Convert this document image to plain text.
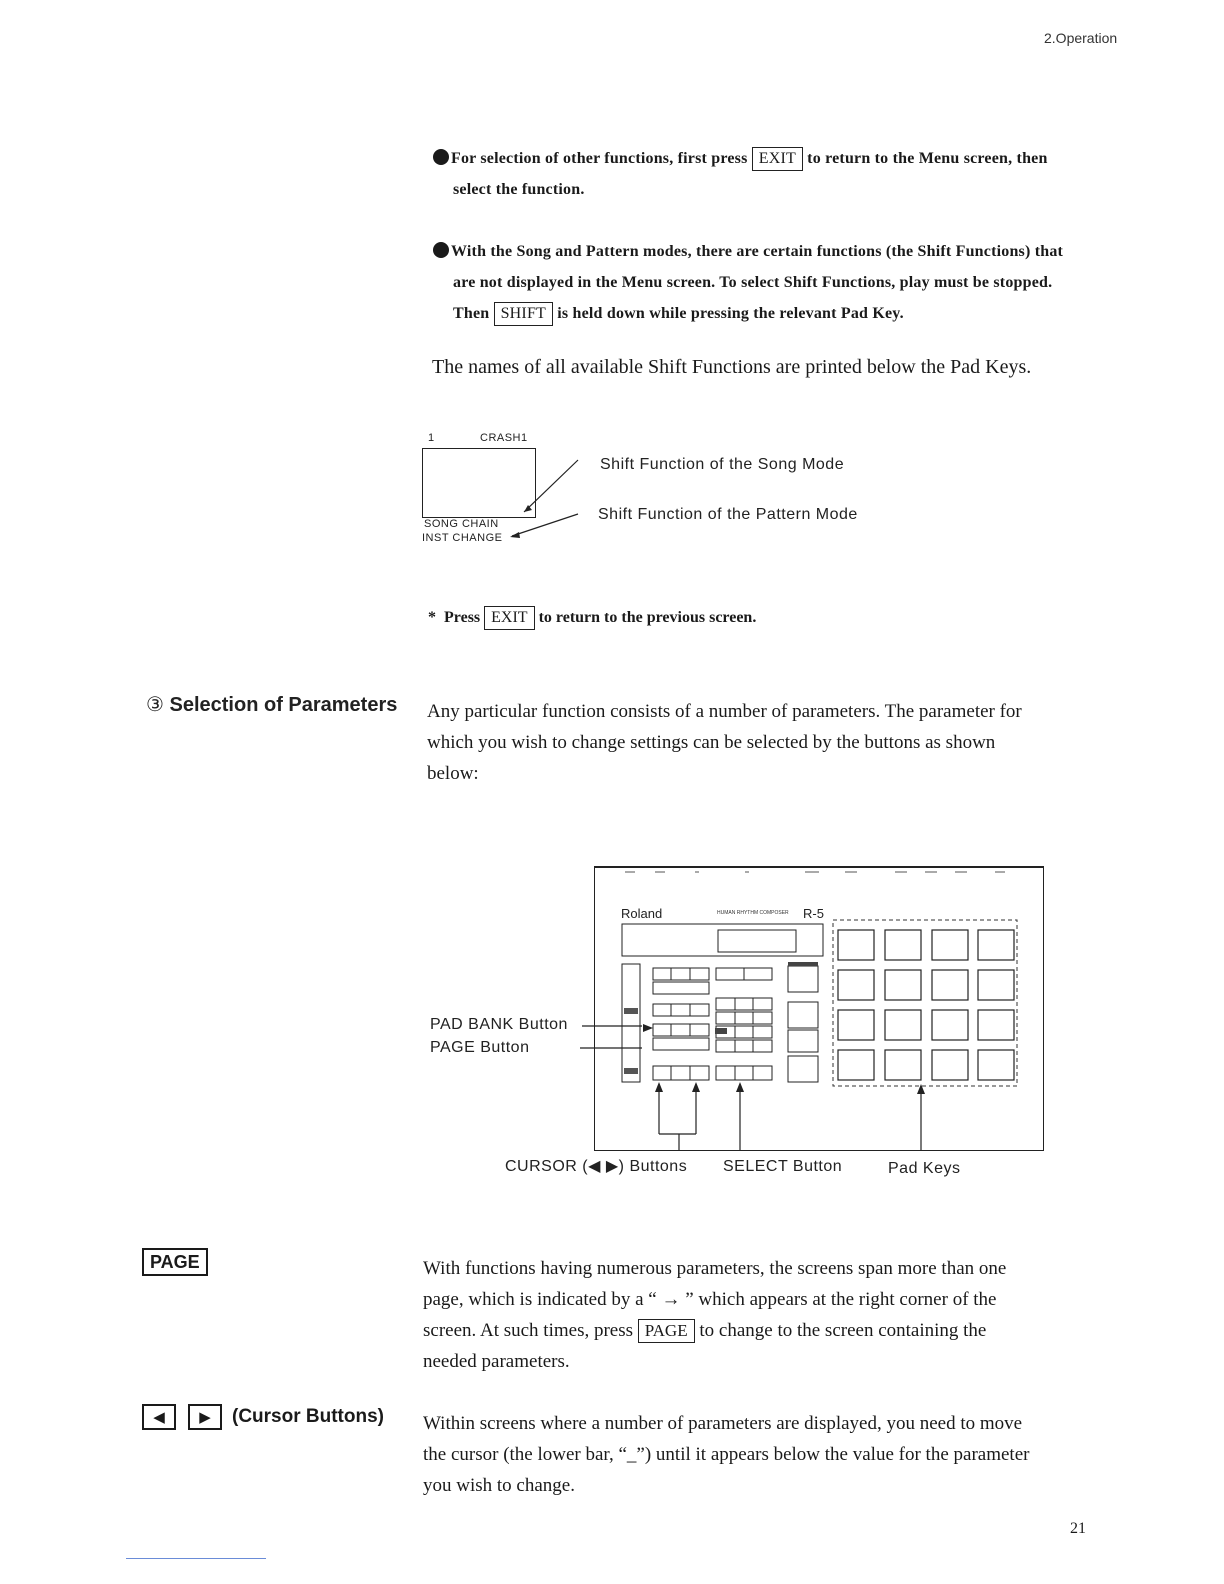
2.Operation
For selection of other functions, first press EXIT to return to the Menu screen, then
select the function.
With the Song and Pattern modes, there are certain functions (the Shift Functions) that
are not displayed in the Menu screen. To select Shift Functions, play must be stopped.
Then SHIFT is held down while pressing the relevant Pad Key.
The names of all available Shift Functions are printed below the Pad Keys.
1	CRASH1
SONG CHAIN
INST CHANGE
Shift Function of the Song Mode
Shift Function of the Pattern Mode
* Press EXIT to return to the previous screen.
③ Selection of Parameters Any particular function consists of a number of parameters. The parameter for
which you wish to change settings can be selected by the buttons as shown
below:
Roland	HUMAN RHYTHM COMPOSER R-5
PAD BANK Button
PAGE Button
CURSOR (◀ ▶) Buttons SELECT Button	Pad Keys
PAGE	With functions having numerous parameters, the screens span more than one
page, which is indicated by a “ → ” which appears at the right corner of the
screen. At such times, press PAGE to change to the screen containing the
needed parameters.
◀ ▶ (Cursor Buttons) Within screens where a number of parameters are displayed, you need to move
the cursor (the lower bar, “_”) until it appears below the value for the parameter
you wish to change.
21
